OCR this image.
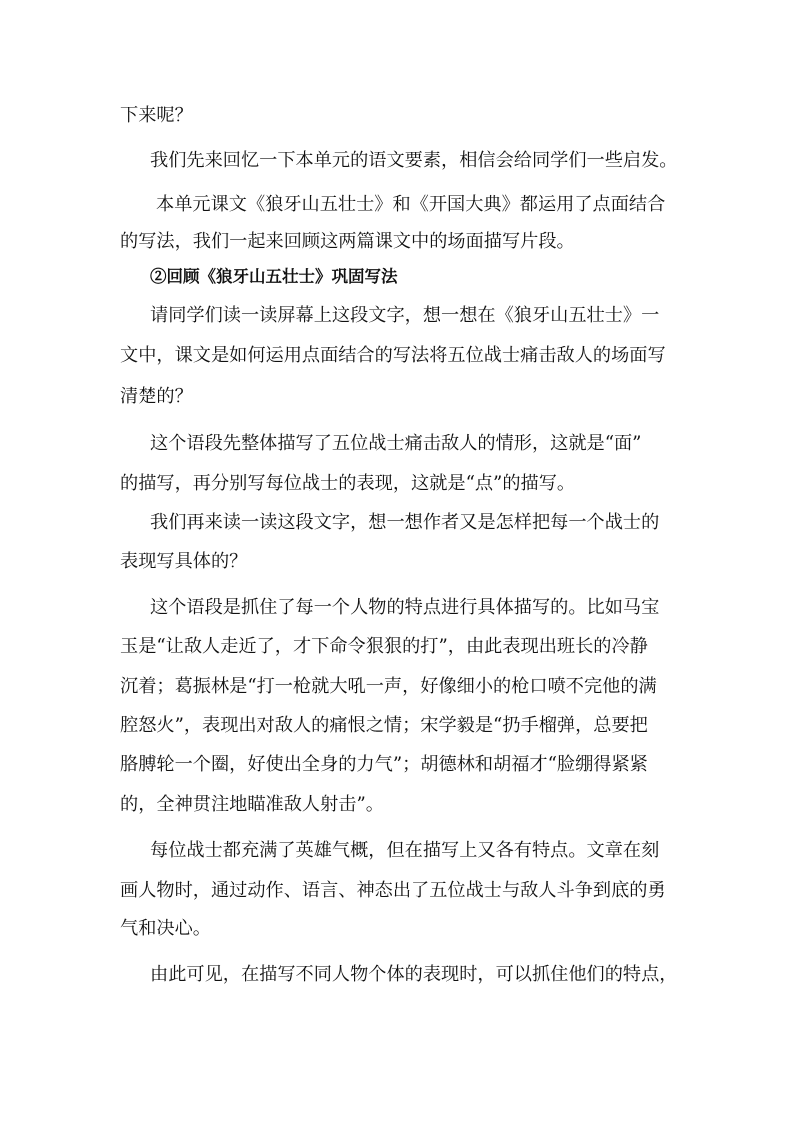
下来呢？
我们先来回忆一下本单元的语文要素，相信会给同学们一些启发。
本单元课文《狼牙山五壮士》和《开国大典》都运用了点面结合
的写法，我们一起来回顾这两篇课文中的场面描写片段。
②回顾《狼牙山五壮士》巩固写法
请同学们读一读屏幕上这段文字，想一想在《狼牙山五壮士》一
文中，课文是如何运用点面结合的写法将五位战士痛击敌人的场面写
清楚的？
这个语段先整体描写了五位战士痛击敌人的情形，这就是“面”
的描写，再分别写每位战士的表现，这就是“点”的描写。
我们再来读一读这段文字，想一想作者又是怎样把每一个战士的
表现写具体的？
这个语段是抓住了每一个人物的特点进行具体描写的。比如马宝
玉是“让敌人走近了，才下命令狠狠的打”，由此表现出班长的冷静
沉着；葛振林是“打一枪就大吼一声，好像细小的枪口喷不完他的满
腔怒火”，表现出对敌人的痛恨之情；宋学毅是“扔手榴弹，总要把
胳膊轮一个圈，好使出全身的力气”；胡德林和胡福才“脸绷得紧紧
的，全神贯注地瞄准敌人射击”。
每位战士都充满了英雄气概，但在描写上又各有特点。文章在刻
画人物时，通过动作、语言、神态出了五位战士与敌人斗争到底的勇
气和决心。
由此可见，在描写不同人物个体的表现时，可以抓住他们的特点，
